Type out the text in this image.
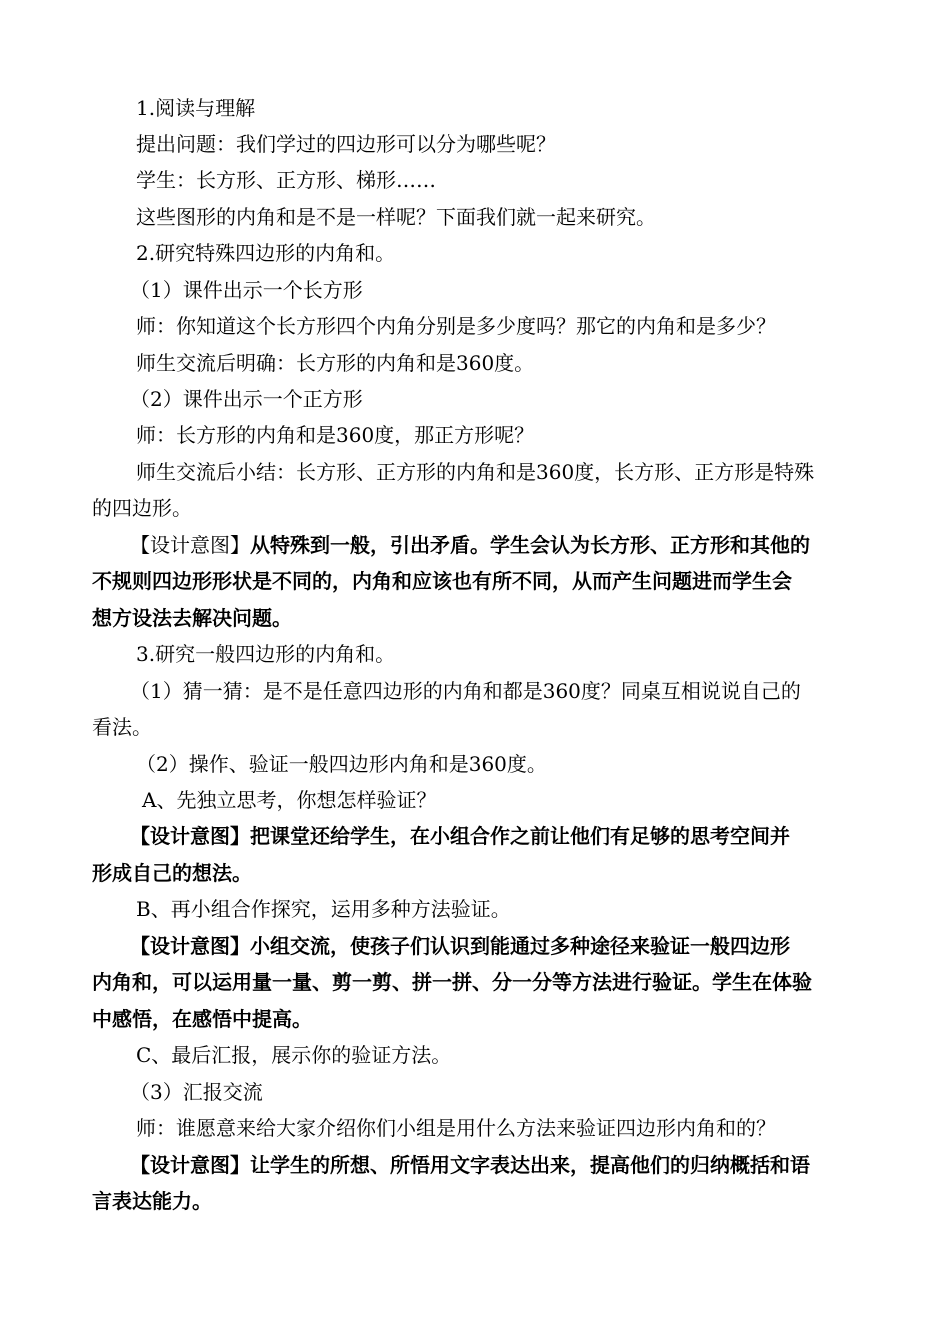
1.阅读与理解
提出问题：我们学过的四边形可以分为哪些呢？
学生：长方形、正方形、梯形……
这些图形的内角和是不是一样呢？下面我们就一起来研究。
2.研究特殊四边形的内角和。
（1）课件出示一个长方形
师：你知道这个长方形四个内角分别是多少度吗？那它的内角和是多少？
师生交流后明确：长方形的内角和是360度。
（2）课件出示一个正方形
师：长方形的内角和是360度，那正方形呢？
师生交流后小结：长方形、正方形的内角和是360度，长方形、正方形是特殊
的四边形。
【设计意图】从特殊到一般，引出矛盾。学生会认为长方形、正方形和其他的
不规则四边形形状是不同的，内角和应该也有所不同，从而产生问题进而学生会
想方设法去解决问题。
3.研究一般四边形的内角和。
（1）猜一猜：是不是任意四边形的内角和都是360度？同桌互相说说自己的
看法。
（2）操作、验证一般四边形内角和是360度。
A、先独立思考，你想怎样验证？
【设计意图】把课堂还给学生，在小组合作之前让他们有足够的思考空间并
形成自己的想法。
B、再小组合作探究，运用多种方法验证。
【设计意图】小组交流，使孩子们认识到能通过多种途径来验证一般四边形
内角和，可以运用量一量、剪一剪、拼一拼、分一分等方法进行验证。学生在体验
中感悟，在感悟中提高。
C、最后汇报，展示你的验证方法。
（3）汇报交流
师：谁愿意来给大家介绍你们小组是用什么方法来验证四边形内角和的？
【设计意图】让学生的所想、所悟用文字表达出来，提高他们的归纳概括和语
言表达能力。
